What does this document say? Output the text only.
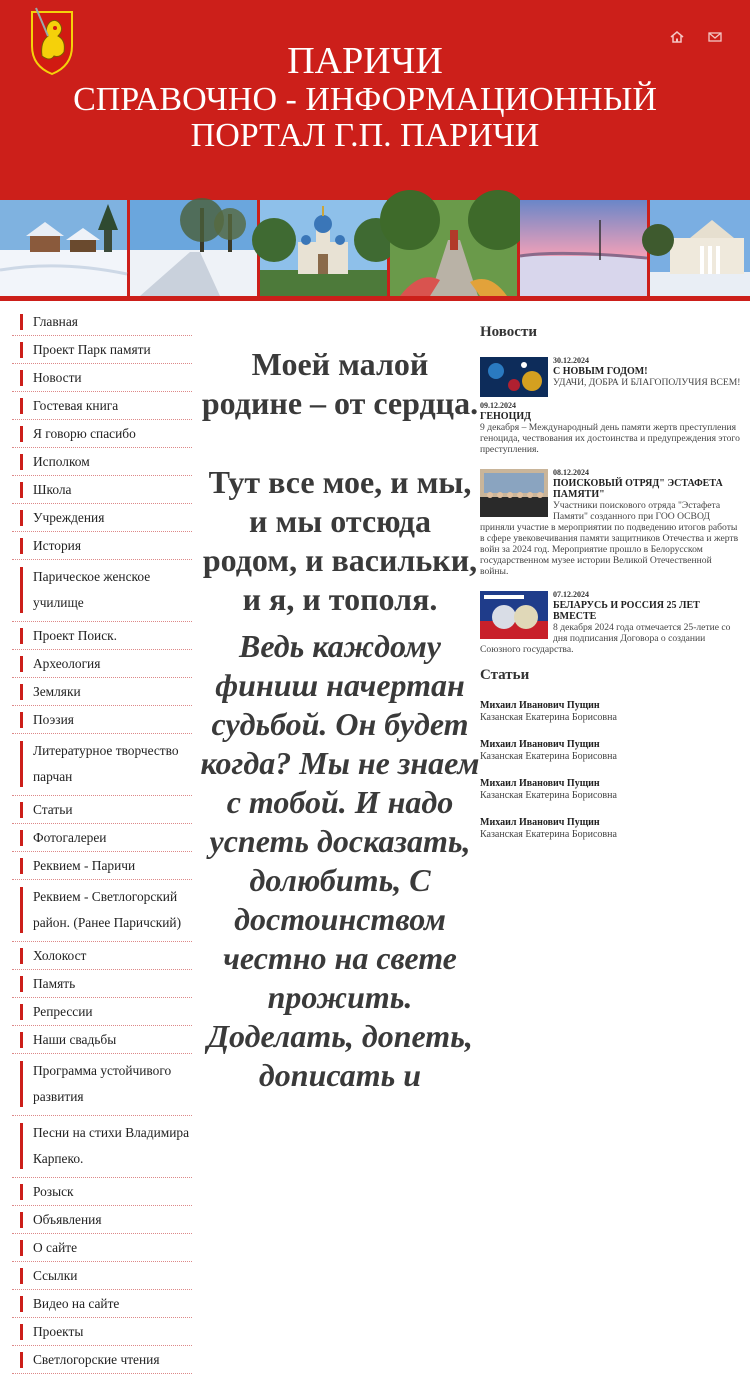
ПАРИЧИ
СПРАВОЧНО - ИНФОРМАЦИОННЫЙ ПОРТАЛ Г.П. ПАРИЧИ
Главная
Проект Парк памяти
Новости
Гостевая книга
Я говорю спасибо
Исполком
Школа
Учреждения
История
Парическое женское училище
Проект Поиск.
Археология
Земляки
Поэзия
Литературное творчество парчан
Статьи
Фотогалереи
Реквием - Паричи
Реквием - Светлогорский район. (Ранее Паричский)
Холокост
Память
Репрессии
Наши свадьбы
Программа устойчивого развития
Песни на стихи Владимира Карпеко.
Розыск
Объявления
О сайте
Ссылки
Видео на сайте
Проекты
Светлогорские чтения
Моей малой родине – от сердца.
Тут все мое, и мы, и мы отсюда родом, и васильки, и я, и тополя.
Ведь каждому финиш начертан судьбой. Он будет когда? Мы не знаем с тобой. И надо успеть досказать, долюбить, С достоинством честно на свете прожить. Доделать, допеть, дописать и
Новости
30.12.2024
С НОВЫМ ГОДОМ!
УДАЧИ, ДОБРА И БЛАГОПОЛУЧИЯ ВСЕМ!
09.12.2024
ГЕНОЦИД
9 декабря – Международный день памяти жертв преступления геноцида, чествования их достоинства и предупреждения этого преступления.
08.12.2024
ПОИСКОВЫЙ ОТРЯД" ЭСТАФЕТА ПАМЯТИ"
Участники поискового отряда "Эстафета Памяти" созданного при ГОО ОСВОД приняли участие в мероприятии по подведению итогов работы в сфере увековечивания памяти защитников Отечества и жертв войн за 2024 год. Мероприятие прошло в Белорусском государственном музее истории Великой Отечественной войны.
07.12.2024
БЕЛАРУСЬ И РОССИЯ 25 ЛЕТ ВМЕСТЕ
8 декабря 2024 года отмечается 25-летие со дня подписания Договора о создании Союзного государства.
Статьи
Михаил Иванович Пущин
Казанская Екатерина Борисовна
Михаил Иванович Пущин
Казанская Екатерина Борисовна
Михаил Иванович Пущин
Казанская Екатерина Борисовна
Михаил Иванович Пущин
Казанская Екатерина Борисовна
